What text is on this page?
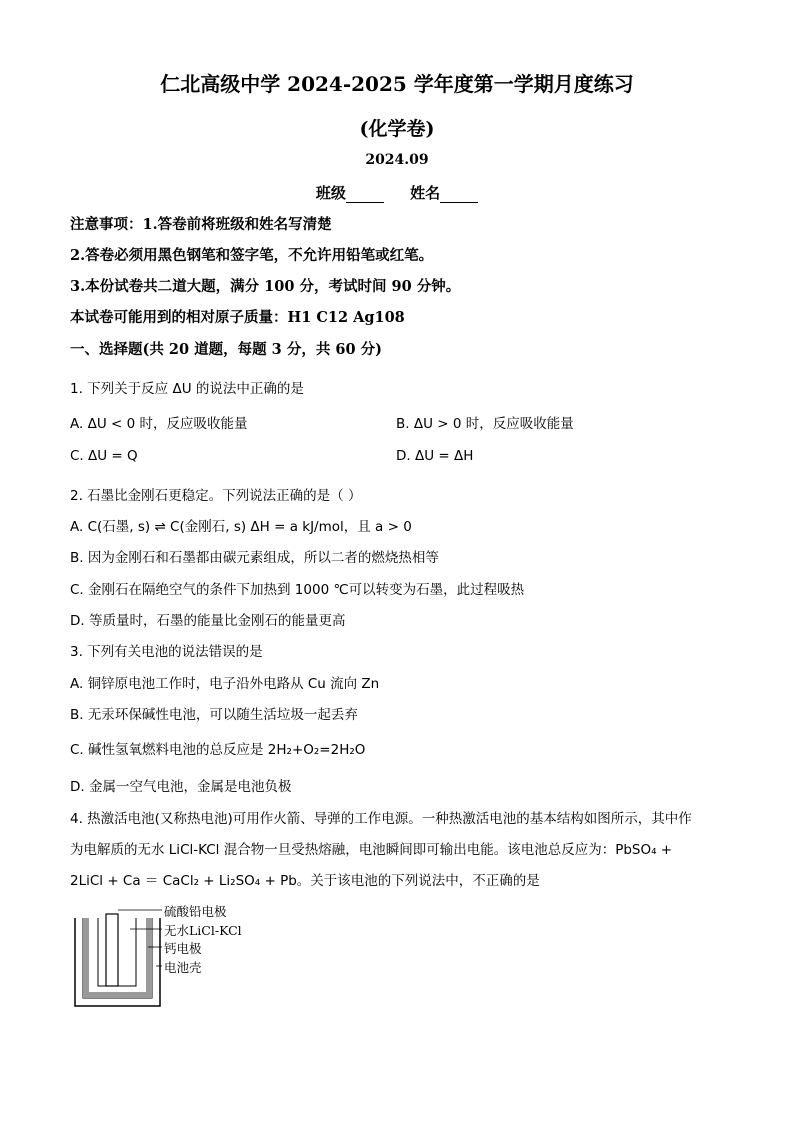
仁北高级中学 2024-2025 学年度第一学期月度练习
(化学卷)
2024.09
班级	姓名
注意事项：1.答卷前将班级和姓名写清楚
2.答卷必须用黑色钢笔和签字笔，不允许用铅笔或红笔。
3.本份试卷共二道大题，满分 100 分，考试时间 90 分钟。
本试卷可能用到的相对原子质量：H1 C12 Ag108
一、选择题(共 20 道题，每题 3 分，共 60 分)
1. 下列关于反应 ΔU 的说法中正确的是
A. ΔU < 0 时，反应吸收能量	B. ΔU > 0 时，反应吸收能量
C. ΔU = Q	D. ΔU = ΔH
2. 石墨比金刚石更稳定。下列说法正确的是（ ）
A. C(石墨, s) ⇌ C(金刚石, s) ΔH = a kJ/mol，且 a > 0
B. 因为金刚石和石墨都由碳元素组成，所以二者的燃烧热相等
C. 金刚石在隔绝空气的条件下加热到 1000 ℃可以转变为石墨，此过程吸热
D. 等质量时，石墨的能量比金刚石的能量更高
3. 下列有关电池的说法错误的是
A. 铜锌原电池工作时，电子沿外电路从 Cu 流向 Zn
B. 无汞环保碱性电池，可以随生活垃圾一起丢弃
C. 碱性氢氧燃料电池的总反应是 2H₂+O₂=2H₂O
D. 金属一空气电池，金属是电池负极
4. 热激活电池(又称热电池)可用作火箭、导弹的工作电源。一种热激活电池的基本结构如图所示，其中作
为电解质的无水 LiCl-KCl 混合物一旦受热熔融，电池瞬间即可输出电能。该电池总反应为：PbSO₄ +
2LiCl + Ca ＝ CaCl₂ + Li₂SO₄ + Pb。关于该电池的下列说法中，不正确的是
硫酸铅电极
无水LiCl-KCl
钙电极
电池壳
